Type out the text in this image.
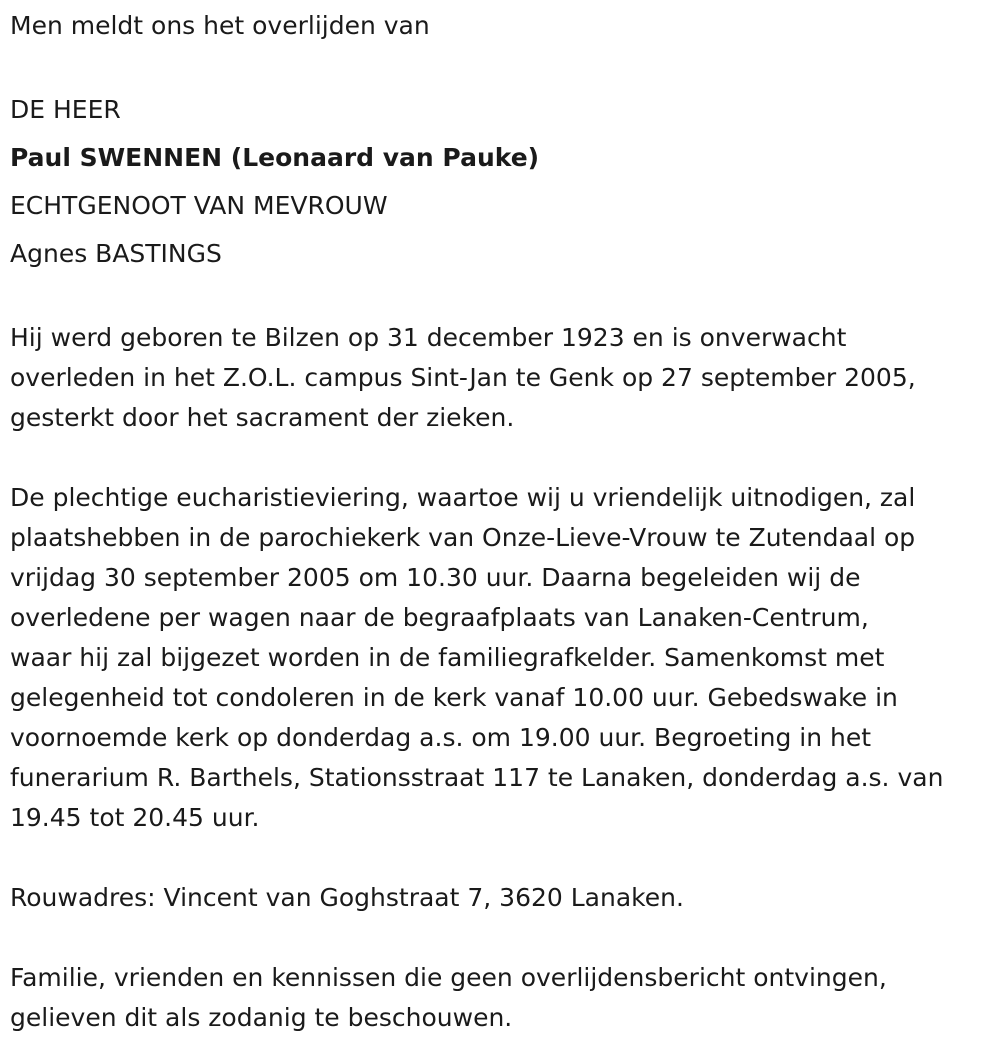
Men meldt ons het overlijden van
DE HEER
Paul SWENNEN (Leonaard van Pauke)
ECHTGENOOT VAN MEVROUW
Agnes BASTINGS
Hij werd geboren te Bilzen op 31 december 1923 en is onverwacht
overleden in het Z.O.L. campus Sint-Jan te Genk op 27 september 2005,
gesterkt door het sacrament der zieken.
De plechtige eucharistieviering, waartoe wij u vriendelijk uitnodigen, zal
plaatshebben in de parochiekerk van Onze-Lieve-Vrouw te Zutendaal op
vrijdag 30 september 2005 om 10.30 uur. Daarna begeleiden wij de
overledene per wagen naar de begraafplaats van Lanaken-Centrum,
waar hij zal bijgezet worden in de familiegrafkelder. Samenkomst met
gelegenheid tot condoleren in de kerk vanaf 10.00 uur. Gebedswake in
voornoemde kerk op donderdag a.s. om 19.00 uur. Begroeting in het
funerarium R. Barthels, Stationsstraat 117 te Lanaken, donderdag a.s. van
19.45 tot 20.45 uur.
Rouwadres: Vincent van Goghstraat 7, 3620 Lanaken.
Familie, vrienden en kennissen die geen overlijdensbericht ontvingen,
gelieven dit als zodanig te beschouwen.
